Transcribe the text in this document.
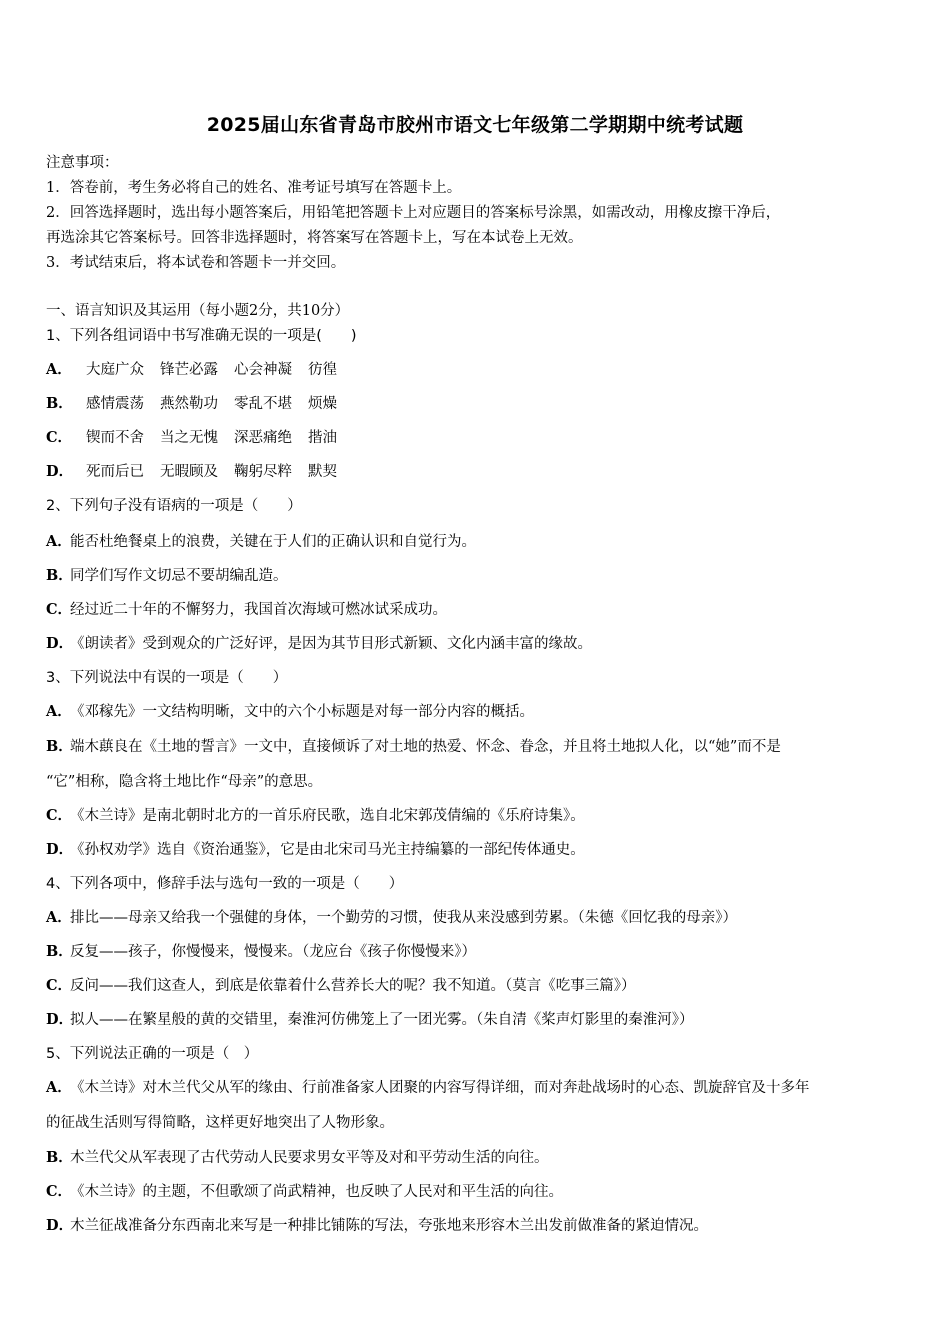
2025届山东省青岛市胶州市语文七年级第二学期期中统考试题
注意事项：
1．答卷前，考生务必将自己的姓名、准考证号填写在答题卡上。
2．回答选择题时，选出每小题答案后，用铅笔把答题卡上对应题目的答案标号涂黑，如需改动，用橡皮擦干净后，
再选涂其它答案标号。回答非选择题时，将答案写在答题卡上，写在本试卷上无效。
3．考试结束后，将本试卷和答题卡一并交回。
一、语言知识及其运用（每小题2分，共10分）
1、下列各组词语中书写准确无误的一项是(　　)
A． 大庭广众 锋芒必露 心会神凝 彷徨
B． 感情震荡 燕然勒功 零乱不堪 烦燥
C． 锲而不舍 当之无愧 深恶痛绝 揩油
D． 死而后已 无暇顾及 鞠躬尽粹 默契
2、下列句子没有语病的一项是（　　）
A．能否杜绝餐桌上的浪费，关键在于人们的正确认识和自觉行为。
B．同学们写作文切忌不要胡编乱造。
C．经过近二十年的不懈努力，我国首次海域可燃冰试采成功。
D．《朗读者》受到观众的广泛好评，是因为其节目形式新颖、文化内涵丰富的缘故。
3、下列说法中有误的一项是（　　）
A．《邓稼先》一文结构明晰，文中的六个小标题是对每一部分内容的概括。
B．端木蕻良在《土地的誓言》一文中，直接倾诉了对土地的热爱、怀念、眷念，并且将土地拟人化，以“她”而不是
“它”相称，隐含将土地比作“母亲”的意思。
C．《木兰诗》是南北朝时北方的一首乐府民歌，选自北宋郭茂倩编的《乐府诗集》。
D．《孙权劝学》选自《资治通鉴》，它是由北宋司马光主持编纂的一部纪传体通史。
4、下列各项中，修辞手法与选句一致的一项是（　　）
A．排比——母亲又给我一个强健的身体，一个勤劳的习惯，使我从来没感到劳累。（朱德《回忆我的母亲》）
B．反复——孩子，你慢慢来，慢慢来。（龙应台《孩子你慢慢来》）
C．反问——我们这查人，到底是依靠着什么营养长大的呢？我不知道。（莫言《吃事三篇》）
D．拟人——在繁星般的黄的交错里，秦淮河仿佛笼上了一团光雾。（朱自清《桨声灯影里的秦淮河》）
5、下列说法正确的一项是（　）
A．《木兰诗》对木兰代父从军的缘由、行前准备家人团聚的内容写得详细，而对奔赴战场时的心态、凯旋辞官及十多年
的征战生活则写得简略，这样更好地突出了人物形象。
B．木兰代父从军表现了古代劳动人民要求男女平等及对和平劳动生活的向往。
C．《木兰诗》的主题，不但歌颂了尚武精神，也反映了人民对和平生活的向往。
D．木兰征战准备分东西南北来写是一种排比铺陈的写法，夸张地来形容木兰出发前做准备的紧迫情况。
